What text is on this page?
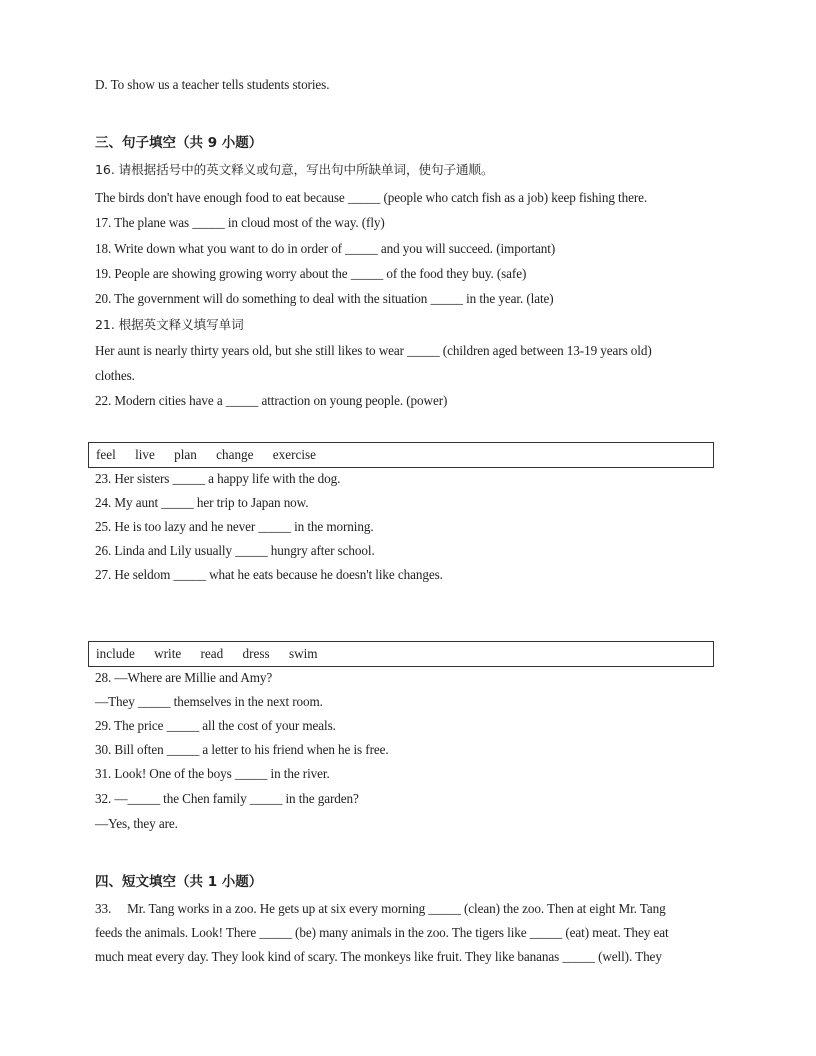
D. To show us a teacher tells students stories.
三、句子填空（共 9 小题）
16. 请根据括号中的英文释义或句意，写出句中所缺单词，使句子通顺。
The birds don't have enough food to eat because _____ (people who catch fish as a job) keep fishing there.
17. The plane was _____ in cloud most of the way. (fly)
18. Write down what you want to do in order of _____ and you will succeed. (important)
19. People are showing growing worry about the _____ of the food they buy. (safe)
20. The government will do something to deal with the situation _____ in the year. (late)
21. 根据英文释义填写单词
Her aunt is nearly thirty years old, but she still likes to wear _____ (children aged between 13-19 years old)
clothes.
22. Modern cities have a _____ attraction on young people. (power)
feel live plan change exercise
23. Her sisters _____ a happy life with the dog.
24. My aunt _____ her trip to Japan now.
25. He is too lazy and he never _____ in the morning.
26. Linda and Lily usually _____ hungry after school.
27. He seldom _____ what he eats because he doesn't like changes.
include write read dress swim
28. —Where are Millie and Amy?
—They _____ themselves in the next room.
29. The price _____ all the cost of your meals.
30. Bill often _____ a letter to his friend when he is free.
31. Look! One of the boys _____ in the river.
32. —_____ the Chen family _____ in the garden?
—Yes, they are.
四、短文填空（共 1 小题）
33.     Mr. Tang works in a zoo. He gets up at six every morning _____ (clean) the zoo. Then at eight Mr. Tang
feeds the animals. Look! There _____ (be) many animals in the zoo. The tigers like _____ (eat) meat. They eat
much meat every day. They look kind of scary. The monkeys like fruit. They like bananas _____ (well). They
